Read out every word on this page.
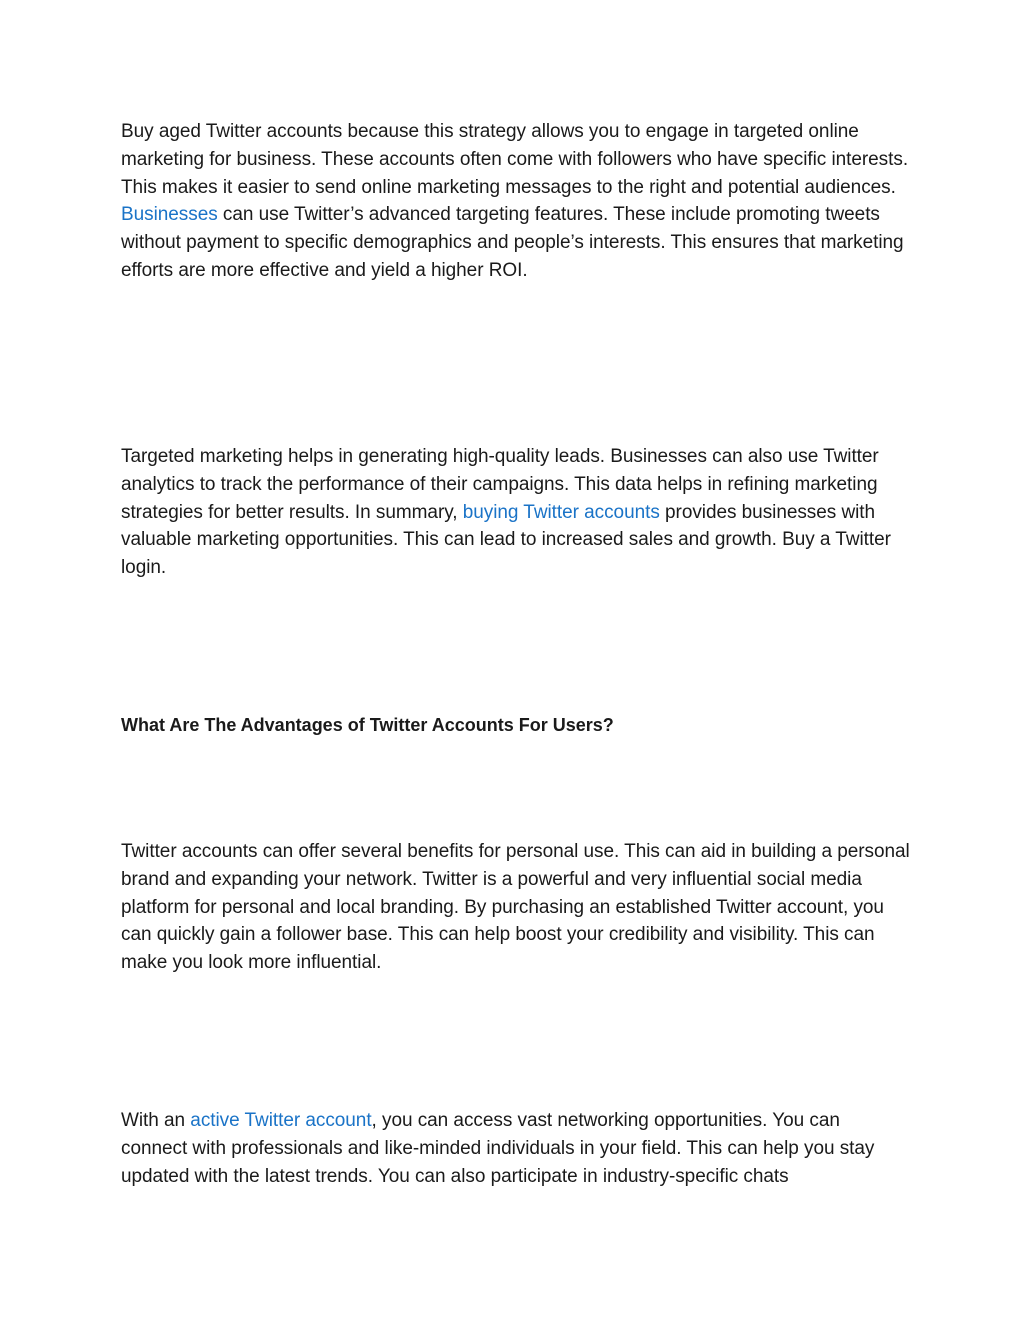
Buy aged Twitter accounts because this strategy allows you to engage in targeted online marketing for business. These accounts often come with followers who have specific interests. This makes it easier to send online marketing messages to the right and potential audiences. Businesses can use Twitter’s advanced targeting features. These include promoting tweets without payment to specific demographics and people’s interests. This ensures that marketing efforts are more effective and yield a higher ROI.

Targeted marketing helps in generating high-quality leads. Businesses can also use Twitter analytics to track the performance of their campaigns. This data helps in refining marketing strategies for better results. In summary, buying Twitter accounts provides businesses with valuable marketing opportunities. This can lead to increased sales and growth. Buy a Twitter login.

What Are The Advantages of Twitter Accounts For Users?

Twitter accounts can offer several benefits for personal use. This can aid in building a personal brand and expanding your network. Twitter is a powerful and very influential social media platform for personal and local branding. By purchasing an established Twitter account, you can quickly gain a follower base. This can help boost your credibility and visibility. This can make you look more influential.

With an active Twitter account, you can access vast networking opportunities. You can connect with professionals and like-minded individuals in your field. This can help you stay updated with the latest trends. You can also participate in industry-specific chats
